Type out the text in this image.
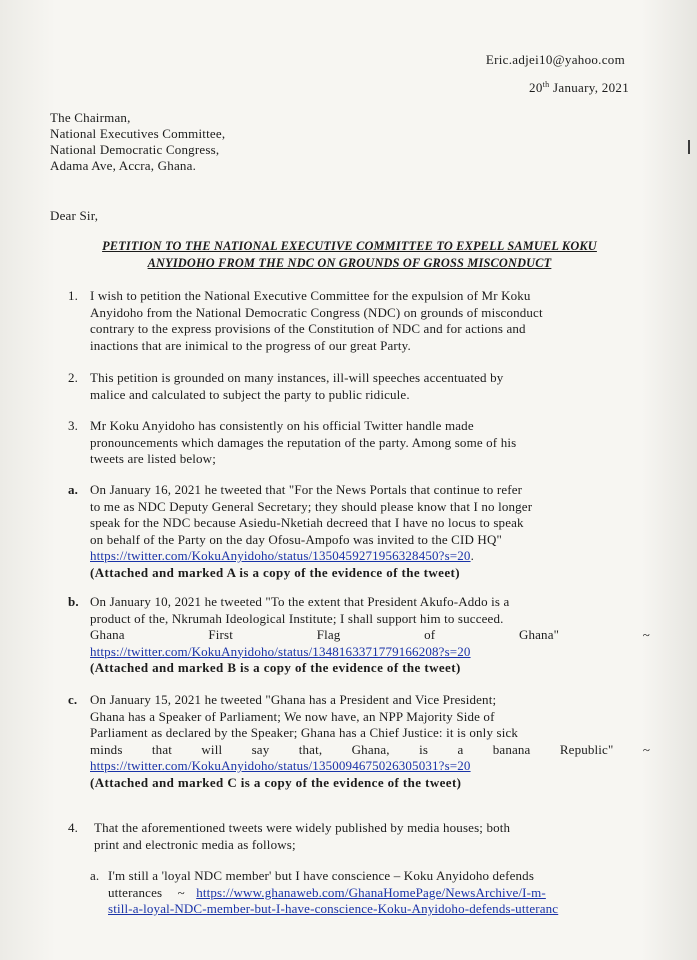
Eric.adjei10@yahoo.com
20th January, 2021
The Chairman,
National Executives Committee,
National Democratic Congress,
Adama Ave, Accra, Ghana.
Dear Sir,
PETITION TO THE NATIONAL EXECUTIVE COMMITTEE TO EXPELL SAMUEL KOKU
ANYIDOHO FROM THE NDC ON GROUNDS OF GROSS MISCONDUCT
1. I wish to petition the National Executive Committee for the expulsion of Mr Koku
Anyidoho from the National Democratic Congress (NDC) on grounds of misconduct
contrary to the express provisions of the Constitution of NDC and for actions and
inactions that are inimical to the progress of our great Party.
2. This petition is grounded on many instances, ill-will speeches accentuated by
malice and calculated to subject the party to public ridicule.
3. Mr Koku Anyidoho has consistently on his official Twitter handle made
pronouncements which damages the reputation of the party. Among some of his
tweets are listed below;
a. On January 16, 2021 he tweeted that "For the News Portals that continue to refer
to me as NDC Deputy General Secretary; they should please know that I no longer
speak for the NDC because Asiedu-Nketiah decreed that I have no locus to speak
on behalf of the Party on the day Ofosu-Ampofo was invited to the CID HQ"
https://twitter.com/KokuAnyidoho/status/1350459271956328450?s=20.
(Attached and marked A is a copy of the evidence of the tweet)
b. On January 10, 2021 he tweeted "To the extent that President Akufo-Addo is a
product of the, Nkrumah Ideological Institute; I shall support him to succeed.
Ghana	First	Flag	of	Ghana"	~
https://twitter.com/KokuAnyidoho/status/1348163371779166208?s=20
(Attached and marked B is a copy of the evidence of the tweet)
c. On January 15, 2021 he tweeted "Ghana has a President and Vice President;
Ghana has a Speaker of Parliament; We now have, an NPP Majority Side of
Parliament as declared by the Speaker; Ghana has a Chief Justice: it is only sick
minds that will say that, Ghana, is a banana Republic" ~
https://twitter.com/KokuAnyidoho/status/1350094675026305031?s=20
(Attached and marked C is a copy of the evidence of the tweet)
4.	That the aforementioned tweets were widely published by media houses; both
print and electronic media as follows;
a. I'm still a 'loyal NDC member' but I have conscience – Koku Anyidoho defends
utterances ~ https://www.ghanaweb.com/GhanaHomePage/NewsArchive/I-m-
still-a-loyal-NDC-member-but-I-have-conscience-Koku-Anyidoho-defends-utteranc
